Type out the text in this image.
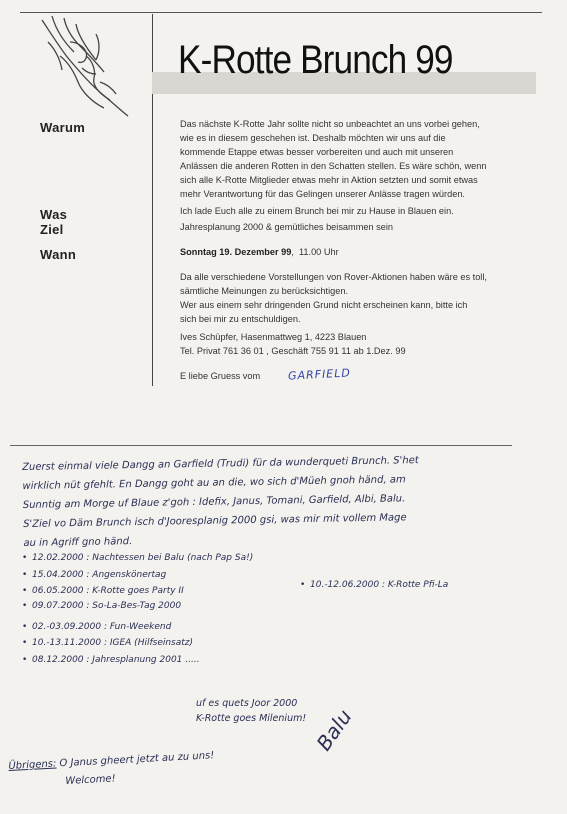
K-Rotte Brunch 99
Warum
Was
Ziel
Wann

Das nächste K-Rotte Jahr sollte nicht so unbeachtet an uns vorbei gehen,

wie es in diesem geschehen ist. Deshalb möchten wir uns auf die

kommende Etappe etwas besser vorbereiten und auch mit unseren

Anlässen die anderen Rotten in den Schatten stellen. Es wäre schön, wenn

sich alle K-Rotte Mitglieder etwas mehr in Aktion setzten und somit etwas

mehr Verantwortung für das Gelingen unserer Anlässe tragen würden.

Ich lade Euch alle zu einem Brunch bei mir zu Hause in Blauen ein.
Jahresplanung 2000 & gemütliches beisammen sein
Sonntag 19. Dezember 99,  11.00 Uhr

Da alle verschiedene Vorstellungen von Rover-Aktionen haben wäre es toll,

sämtliche Meinungen zu berücksichtigen.

Wer aus einem sehr dringenden Grund nicht erscheinen kann, bitte ich

sich bei mir zu entschuldigen.

Ives Schüpfer, Hasenmattweg 1, 4223 Blauen

Tel. Privat 761 36 01 , Geschäft 755 91 11 ab 1.Dez. 99

E liebe Gruess vom	GARFIELD
Zuerst einmal viele Dangg an Garfield (Trudi) für da wunderqueti Brunch. S'het
wirklich nüt gfehlt. En Dangg goht au an die, wo sich d'Müeh gnoh händ, am
Sunntig am Morge uf Blaue z'goh : Idefix, Janus, Tomani, Garfield, Albi, Balu.
S'Ziel vo Däm Brunch isch d'Jooresplanig 2000 gsi, was mir mit vollem Mage
au in Agriff gno händ.
• 12.02.2000 : Nachtessen bei Balu (nach Pap Sa!)
• 15.04.2000 : Angenskönertag
• 06.05.2000 : K-Rotte goes Party II
• 09.07.2000 : So-La-Bes-Tag 2000
• 02.-03.09.2000 : Fun-Weekend
• 10.-13.11.2000 : IGEA (Hilfseinsatz)
• 08.12.2000 : Jahresplanung 2001 .....
• 10.-12.06.2000 : K-Rotte Pfi-La
uf es quets Joor 2000
K-Rotte goes Milenium! Balu
Übrigens: O Janus gheert jetzt au zu uns!
Welcome!
